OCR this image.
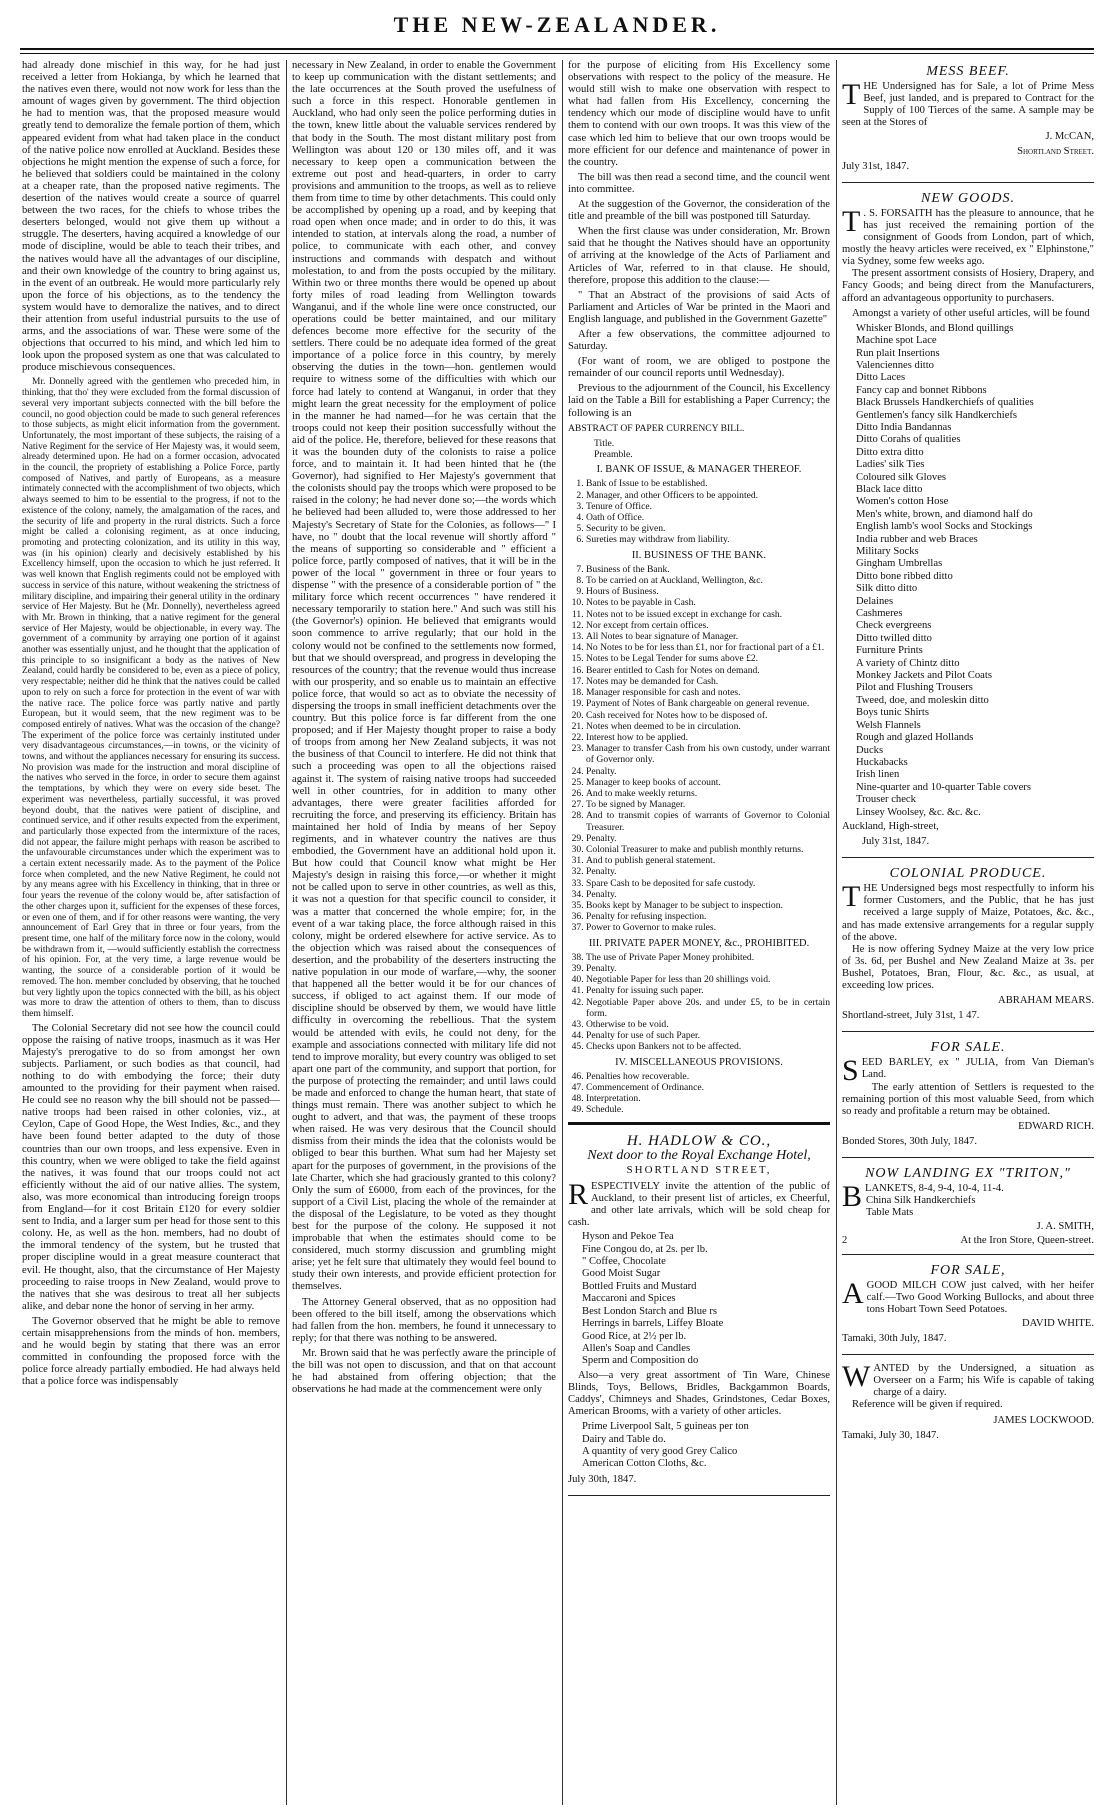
THE NEW-ZEALANDER.

had already done mischief in this way, for he had just received a letter from Hokianga, by which he learned that the natives even there, would not now work for less than the amount of wages given by government. The third objection he had to mention was, that the proposed measure would greatly tend to demoralize the female portion of them, which appeared evident from what had taken place in the conduct of the native police now enrolled at Auckland. Besides these objections he might mention the expense of such a force, for he believed that soldiers could be maintained in the colony at a cheaper rate, than the proposed native regiments. The desertion of the natives would create a source of quarrel between the two races, for the chiefs to whose tribes the deserters belonged, would not give them up without a struggle. The deserters, having acquired a knowledge of our mode of discipline, would be able to teach their tribes, and the natives would have all the advantages of our discipline, and their own knowledge of the country to bring against us, in the event of an outbreak. He would more particularly rely upon the force of his objections, as to the tendency the system would have to demoralize the natives, and to direct their attention from useful industrial pursuits to the use of arms, and the associations of war. These were some of the objections that occurred to his mind, and which led him to look upon the proposed system as one that was calculated to produce mischievous consequences.

Mr. Donnelly agreed with the gentlemen who preceded him, in thinking, that tho' they were excluded from the formal discussion of several very important subjects connected with the bill before the council, no good objection could be made to such general references to those subjects, as might elicit information from the government. Unfortunately, the most important of these subjects, the raising of a Native Regiment for the service of Her Majesty was, it would seem, already determined upon. He had on a former occasion, advocated in the council, the propriety of establishing a Police Force, partly composed of Natives, and partly of Europeans, as a measure intimately connected with the accomplishment of two objects, which always seemed to him to be essential to the progress, if not to the existence of the colony, namely, the amalgamation of the races, and the security of life and property in the rural districts. Such a force might be called a colonising regiment, as at once inducing, promoting and protecting colonization, and its utility in this way, was (in his opinion) clearly and decisively established by his Excellency himself, upon the occasion to which he just referred. It was well known that English regiments could not be employed with success in service of this nature, without weakening the strictness of military discipline, and impairing their general utility in the ordinary service of Her Majesty. But he (Mr. Donnelly), nevertheless agreed with Mr. Brown in thinking, that a native regiment for the general service of Her Majesty, would be objectionable, in every way. The government of a community by arraying one portion of it against another was essentially unjust, and he thought that the application of this principle to so insignificant a body as the natives of New Zealand, could hardly be considered to be, even as a piece of policy, very respectable; neither did he think that the natives could be called upon to rely on such a force for protection in the event of war with the native race. The police force was partly native and partly European, but it would seem, that the new regiment was to be composed entirely of natives. What was the occasion of the change? The experiment of the police force was certainly instituted under very disadvantageous circumstances,—in towns, or the vicinity of towns, and without the appliances necessary for ensuring its success. No provision was made for the instruction and moral discipline of the natives who served in the force, in order to secure them against the temptations, by which they were on every side beset. The experiment was nevertheless, partially successful, it was proved beyond doubt, that the natives were patient of discipline, and continued service, and if other results expected from the experiment, and particularly those expected from the intermixture of the races, did not appear, the failure might perhaps with reason be ascribed to the unfavourable circumstances under which the experiment was to a certain extent necessarily made. As to the payment of the Police force when completed, and the new Native Regiment, he could not by any means agree with his Excellency in thinking, that in three or four years the revenue of the colony would be, after satisfaction of the other charges upon it, sufficient for the expenses of these forces, or even one of them, and if for other reasons were wanting, the very announcement of Earl Grey that in three or four years, from the present time, one half of the military force now in the colony, would be withdrawn from it, —would sufficiently establish the correctness of his opinion. For, at the very time, a large revenue would be wanting, the source of a considerable portion of it would be removed. The hon. member concluded by observing, that he touched but very lightly upon the topics connected with the bill, as his object was more to draw the attention of others to them, than to discuss them himself.

The Colonial Secretary did not see how the council could oppose the raising of native troops, inasmuch as it was Her Majesty's prerogative to do so from amongst her own subjects. Parliament, or such bodies as that council, had nothing to do with embodying the force; their duty amounted to the providing for their payment when raised. He could see no reason why the bill should not be passed—native troops had been raised in other colonies, viz., at Ceylon, Cape of Good Hope, the West Indies, &c., and they have been found better adapted to the duty of those countries than our own troops, and less expensive. Even in this country, when we were obliged to take the field against the natives, it was found that our troops could not act efficiently without the aid of our native allies. The system, also, was more economical than introducing foreign troops from England—for it cost Britain £120 for every soldier sent to India, and a larger sum per head for those sent to this colony. He, as well as the hon. members, had no doubt of the immoral tendency of the system, but he trusted that proper discipline would in a great measure counteract that evil. He thought, also, that the circumstance of Her Majesty proceeding to raise troops in New Zealand, would prove to the natives that she was desirous to treat all her subjects alike, and debar none the honor of serving in her army.

The Governor observed that he might be able to remove certain misapprehensions from the minds of hon. members, and he would begin by stating that there was an error committed in confounding the proposed force with the police force already partially embodied. He had always held that a police force was indispensably

necessary in New Zealand, in order to enable the Government to keep up communication with the distant settlements; and the late occurrences at the South proved the usefulness of such a force in this respect. Honorable gentlemen in Auckland, who had only seen the police performing duties in the town, knew little about the valuable services rendered by that body in the South. The most distant military post from Wellington was about 120 or 130 miles off, and it was necessary to keep open a communication between the extreme out post and head-quarters, in order to carry provisions and ammunition to the troops, as well as to relieve them from time to time by other detachments. This could only be accomplished by opening up a road, and by keeping that road open when once made; and in order to do this, it was intended to station, at intervals along the road, a number of police, to communicate with each other, and convey instructions and commands with despatch and without molestation, to and from the posts occupied by the military. Within two or three months there would be opened up about forty miles of road leading from Wellington towards Wanganui, and if the whole line were once constructed, our operations could be better maintained, and our military defences become more effective for the security of the settlers. There could be no adequate idea formed of the great importance of a police force in this country, by merely observing the duties in the town—hon. gentlemen would require to witness some of the difficulties with which our force had lately to contend at Wanganui, in order that they might learn the great necessity for the employment of police in the manner he had named—for he was certain that the troops could not keep their position successfully without the aid of the police. He, therefore, believed for these reasons that it was the bounden duty of the colonists to raise a police force, and to maintain it. It had been hinted that he (the Governor), had signified to Her Majesty's government that the colonists should pay the troops which were proposed to be raised in the colony; he had never done so;—the words which he believed had been alluded to, were those addressed to her Majesty's Secretary of State for the Colonies, as follows—" I have, no " doubt that the local revenue will shortly afford " the means of supporting so considerable and " efficient a police force, partly composed of natives, that it will be in the power of the local " government in three or four years to dispense " with the presence of a considerable portion of " the military force which recent occurrences " have rendered it necessary temporarily to station here." And such was still his (the Governor's) opinion. He believed that emigrants would soon commence to arrive regularly; that our hold in the colony would not be confined to the settlements now formed, but that we should overspread, and progress in developing the resources of the country; that the revenue would thus increase with our prosperity, and so enable us to maintain an effective police force, that would so act as to obviate the necessity of dispersing the troops in small inefficient detachments over the country. But this police force is far different from the one proposed; and if Her Majesty thought proper to raise a body of troops from among her New Zealand subjects, it was not the business of that Council to interfere. He did not think that such a proceeding was open to all the objections raised against it. The system of raising native troops had succeeded well in other countries, for in addition to many other advantages, there were greater facilities afforded for recruiting the force, and preserving its efficiency. Britain has maintained her hold of India by means of her Sepoy regiments, and in whatever country the natives are thus embodied, the Government have an additional hold upon it. But how could that Council know what might be Her Majesty's design in raising this force,—or whether it might not be called upon to serve in other countries, as well as this, it was not a question for that specific council to consider, it was a matter that concerned the whole empire; for, in the event of a war taking place, the force although raised in this colony, might be ordered elsewhere for active service. As to the objection which was raised about the consequences of desertion, and the probability of the deserters instructing the native population in our mode of warfare,—why, the sooner that happened all the better would it be for our chances of success, if obliged to act against them. If our mode of discipline should be observed by them, we would have little difficulty in overcoming the rebellious. That the system would be attended with evils, he could not deny, for the example and associations connected with military life did not tend to improve morality, but every country was obliged to set apart one part of the community, and support that portion, for the purpose of protecting the remainder; and until laws could be made and enforced to change the human heart, that state of things must remain. There was another subject to which he ought to advert, and that was, the payment of these troops when raised. He was very desirous that the Council should dismiss from their minds the idea that the colonists would be obliged to bear this burthen. What sum had her Majesty set apart for the purposes of government, in the provisions of the late Charter, which she had graciously granted to this colony? Only the sum of £6000, from each of the provinces, for the support of a Civil List, placing the whole of the remainder at the disposal of the Legislature, to be voted as they thought best for the purpose of the colony. He supposed it not improbable that when the estimates should come to be considered, much stormy discussion and grumbling might arise; yet he felt sure that ultimately they would feel bound to study their own interests, and provide efficient protection for themselves.

The Attorney General observed, that as no opposition had been offered to the bill itself, among the observations which had fallen from the hon. members, he found it unnecessary to reply; for that there was nothing to be answered.

Mr. Brown said that he was perfectly aware the principle of the bill was not open to discussion, and that on that account he had abstained from offering objection; that the observations he had made at the commencement were only

for the purpose of eliciting from His Excellency some observations with respect to the policy of the measure. He would still wish to make one observation with respect to what had fallen from His Excellency, concerning the tendency which our mode of discipline would have to unfit them to contend with our own troops. It was this view of the case which led him to believe that our own troops would be more efficient for our defence and maintenance of power in the country.

The bill was then read a second time, and the council went into committee.

At the suggestion of the Governor, the consideration of the title and preamble of the bill was postponed till Saturday.

When the first clause was under consideration, Mr. Brown said that he thought the Natives should have an opportunity of arriving at the knowledge of the Acts of Parliament and Articles of War, referred to in that clause. He should, therefore, propose this addition to the clause:—

" That an Abstract of the provisions of said Acts of Parliament and Articles of War be printed in the Maori and English language, and published in the Government Gazette"

After a few observations, the committee adjourned to Saturday.

(For want of room, we are obliged to postpone the remainder of our council reports until Wednesday).

Previous to the adjournment of the Council, his Excellency laid on the Table a Bill for establishing a Paper Currency; the following is an

ABSTRACT OF PAPER CURRENCY BILL.
Title.
Preamble.
I. BANK OF ISSUE, & MANAGER THEREOF.
1. Bank of Issue to be established.
2. Manager, and other Officers to be appointed.
3. Tenure of Office.
4. Oath of Office.
5. Security to be given.
6. Sureties may withdraw from liability.
II. BUSINESS OF THE BANK.
7. Business of the Bank.
8. To be carried on at Auckland, Wellington, &c.
9. Hours of Business.
10. Notes to be payable in Cash.
11. Notes not to be issued except in exchange for cash.
12. Nor except from certain offices.
13. All Notes to bear signature of Manager.
14. No Notes to be for less than £1, nor for fractional part of a £1.
15. Notes to be Legal Tender for sums above £2.
16. Bearer entitled to Cash for Notes on demand.
17. Notes may be demanded for Cash.
18. Manager responsible for cash and notes.
19. Payment of Notes of Bank chargeable on general revenue.
20. Cash received for Notes how to be disposed of.
21. Notes when deemed to be in circulation.
22. Interest how to be applied.
23. Manager to transfer Cash from his own custody, under warrant of Governor only.
24. Penalty.
25. Manager to keep books of account.
26. And to make weekly returns.
27. To be signed by Manager.
28. And to transmit copies of warrants of Governor to Colonial Treasurer.
29. Penalty.
30. Colonial Treasurer to make and publish monthly returns.
31. And to publish general statement.
32. Penalty.
33. Spare Cash to be deposited for safe custody.
34. Penalty.
35. Books kept by Manager to be subject to inspection.
36. Penalty for refusing inspection.
37. Power to Governor to make rules.
III. PRIVATE PAPER MONEY, &c., PROHIBITED.
38. The use of Private Paper Money prohibited.
39. Penalty.
40. Negotiable Paper for less than 20 shillings void.
41. Penalty for issuing such paper.
42. Negotiable Paper above 20s. and under £5, to be in certain form.
43. Otherwise to be void.
44. Penalty for use of such Paper.
45. Checks upon Bankers not to be affected.
IV. MISCELLANEOUS PROVISIONS.
46. Penalties how recoverable.
47. Commencement of Ordinance.
48. Interpretation.
49. Schedule.
H. HADLOW & CO.,
Next door to the Royal Exchange Hotel,
SHORTLAND STREET,
RESPECTIVELY invite the attention of the public of Auckland, to their present list of articles, ex Cheerful, and other late arrivals, which will be sold cheap for cash.
Hyson and Pekoe Tea
Fine Congou do, at 2s. per lb.
" Coffee, Chocolate
Good Moist Sugar
Bottled Fruits and Mustard
Maccaroni and Spices
Best London Starch and Blue rs
Herrings in barrels, Liffey Bloate
Good Rice, at 2½ per lb.
Allen's Soap and Candles
Sperm and Composition do

Also—a very great assortment of Tin Ware, Chinese Blinds, Toys, Bellows, Bridles, Backgammon Boards, Caddys', Chimneys and Shades, Grindstones, Cedar Boxes, American Brooms, with a variety of other articles.

Prime Liverpool Salt, 5 guineas per ton
Dairy and Table do.
A quantity of very good Grey Calico
American Cotton Cloths, &c.
July 30th, 1847.
MESS BEEF.
THE Undersigned has for Sale, a lot of Prime Mess Beef, just landed, and is prepared to Contract for the Supply of 100 Tierces of the same. A sample may be seen at the Stores of
J. McCAN,
Shortland Street.
July 31st, 1847.
NEW GOODS.
T . S. FORSAITH has the pleasure to announce, that he has just received the remaining portion of the consignment of Goods from London, part of which, mostly the heavy articles were received, ex " Elphinstone," via Sydney, some few weeks ago.

The present assortment consists of Hosiery, Drapery, and Fancy Goods; and being direct from the Manufacturers, afford an advantageous opportunity to purchasers.

Amongst a variety of other useful articles, will be found

Whisker Blonds, and Blond quillings
Machine spot Lace
Run plait Insertions
Valenciennes ditto
Ditto Laces
Fancy cap and bonnet Ribbons
Black Brussels Handkerchiefs of qualities
Gentlemen's fancy silk Handkerchiefs
Ditto India Bandannas
Ditto Corahs of qualities
Ditto extra ditto
Ladies' silk Ties
Coloured silk Gloves
Black lace ditto
Women's cotton Hose
Men's white, brown, and diamond half do
English lamb's wool Socks and Stockings
India rubber and web Braces
Military Socks
Gingham Umbrellas
Ditto bone ribbed ditto
Silk ditto ditto
Delaines
Cashmeres
Check evergreens
Ditto twilled ditto
Furniture Prints
A variety of Chintz ditto
Monkey Jackets and Pilot Coats
Pilot and Flushing Trousers
Tweed, doe, and moleskin ditto
Boys tunic Shirts
Welsh Flannels
Rough and glazed Hollands
Ducks
Huckabacks
Irish linen
Nine-quarter and 10-quarter Table covers
Trouser check
Linsey Woolsey, &c. &c. &c.
Auckland, High-street,
July 31st, 1847.
COLONIAL PRODUCE.
THE Undersigned begs most respectfully to inform his former Customers, and the Public, that he has just received a large supply of Maize, Potatoes, &c. &c., and has made extensive arrangements for a regular supply of the above.

He is now offering Sydney Maize at the very low price of 3s. 6d, per Bushel and New Zealand Maize at 3s. per Bushel, Potatoes, Bran, Flour, &c. &c., as usual, at exceeding low prices.

ABRAHAM MEARS.
Shortland-street, July 31st, 1 47.
FOR SALE.
SEED BARLEY, ex " JULIA, from Van Dieman's Land.

The early attention of Settlers is requested to the remaining portion of this most valuable Seed, from which so ready and profitable a return may be obtained.

EDWARD RICH.
Bonded Stores, 30th July, 1847.
NOW LANDING EX "TRITON,"
BLANKETS, 8-4, 9-4, 10-4, 11-4.
China Silk Handkerchiefs
Table Mats
J. A. SMITH,
2	At the Iron Store, Queen-street.
FOR SALE,
AGOOD MILCH COW just calved, with her heifer calf.—Two Good Working Bullocks, and about three tons Hobart Town Seed Potatoes.
DAVID WHITE.
Tamaki, 30th July, 1847.
WANTED by the Undersigned, a situation as Overseer on a Farm; his Wife is capable of taking charge of a dairy.

Reference will be given if required.

JAMES LOCKWOOD.
Tamaki, July 30, 1847.
